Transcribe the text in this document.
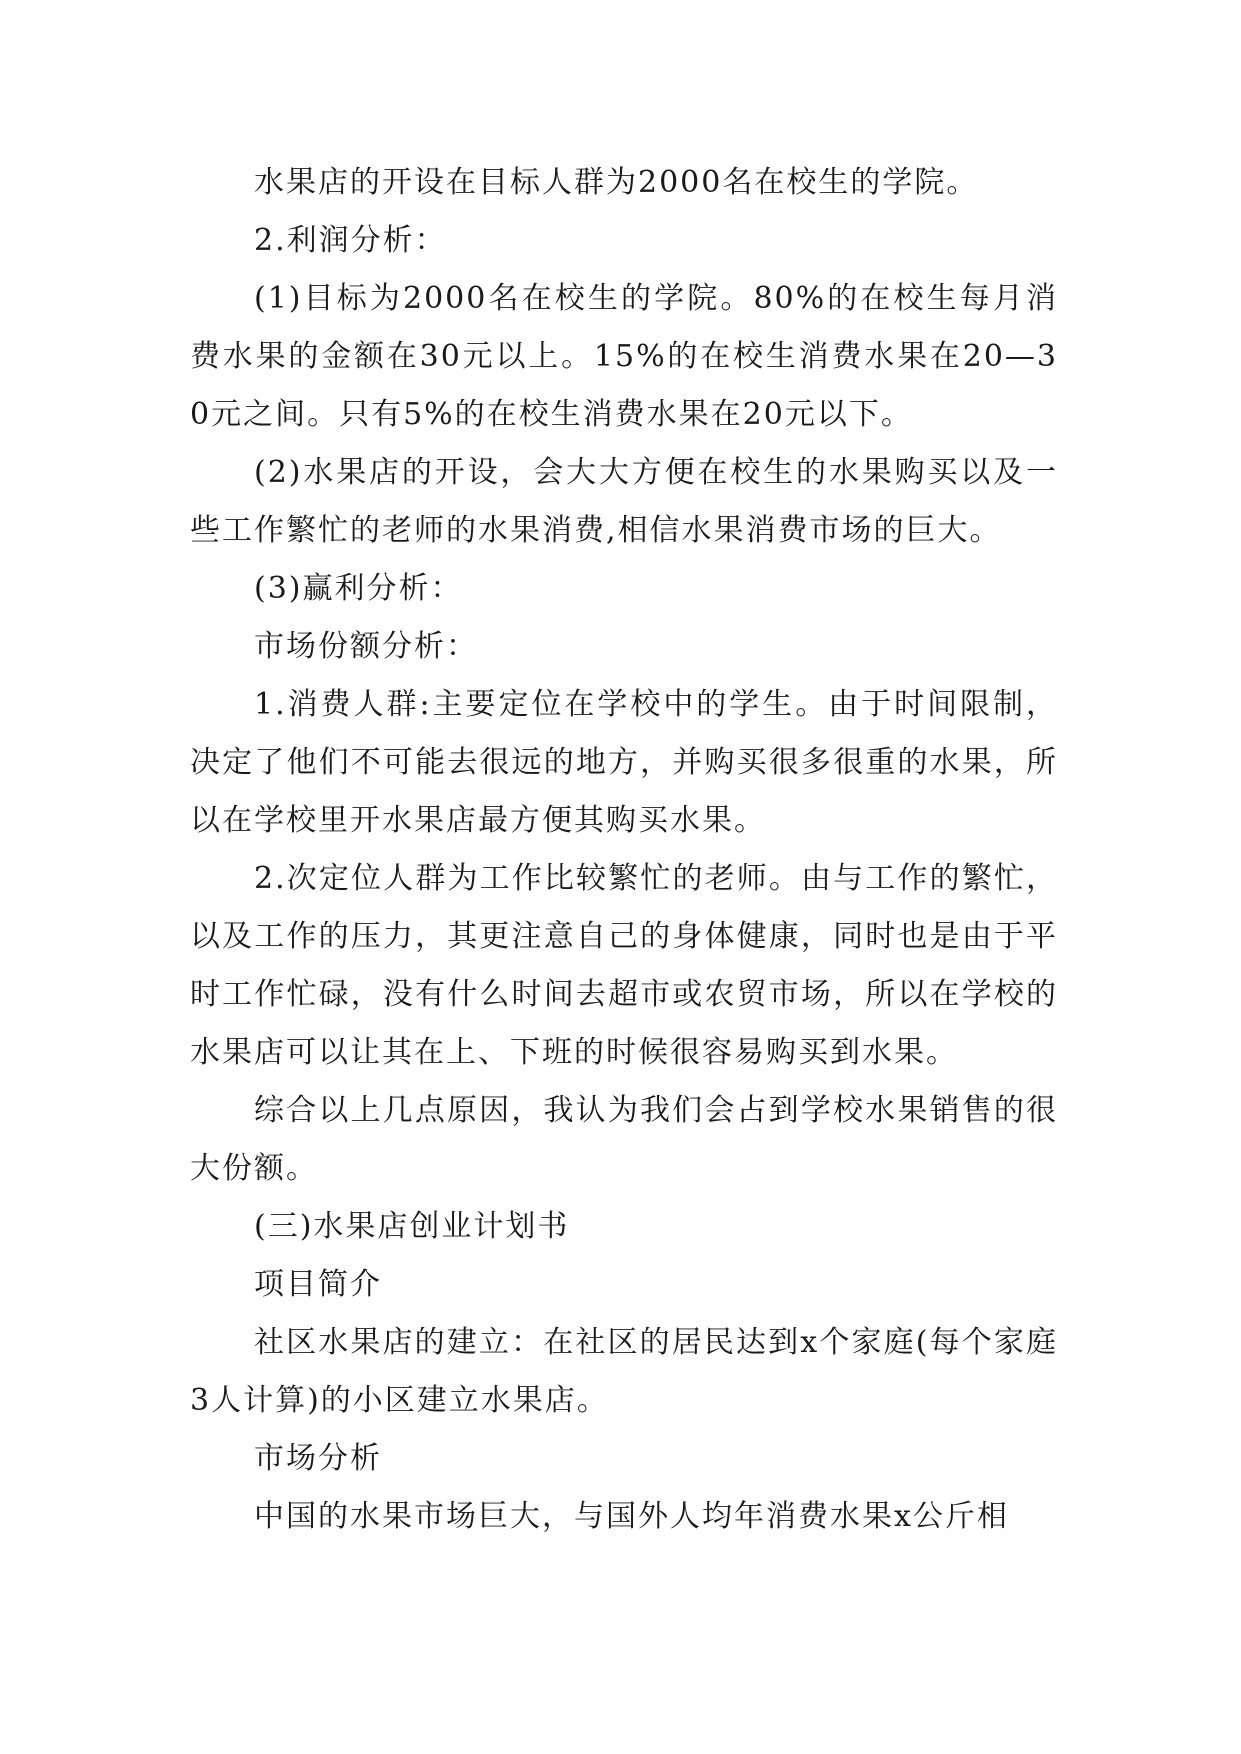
水果店的开设在目标人群为2000名在校生的学院。

2.利润分析：

(1)目标为2000名在校生的学院。80%的在校生每月消费水果的金额在30元以上。15%的在校生消费水果在20—30元之间。只有5%的在校生消费水果在20元以下。

(2)水果店的开设，会大大方便在校生的水果购买以及一些工作繁忙的老师的水果消费,相信水果消费市场的巨大。

(3)赢利分析：

市场份额分析：

1.消费人群:主要定位在学校中的学生。由于时间限制，决定了他们不可能去很远的地方，并购买很多很重的水果，所以在学校里开水果店最方便其购买水果。

2.次定位人群为工作比较繁忙的老师。由与工作的繁忙，以及工作的压力，其更注意自己的身体健康，同时也是由于平时工作忙碌，没有什么时间去超市或农贸市场，所以在学校的水果店可以让其在上、下班的时候很容易购买到水果。

综合以上几点原因，我认为我们会占到学校水果销售的很大份额。

(三)水果店创业计划书

项目简介

社区水果店的建立：在社区的居民达到x个家庭(每个家庭3人计算)的小区建立水果店。

市场分析

中国的水果市场巨大，与国外人均年消费水果x公斤相
